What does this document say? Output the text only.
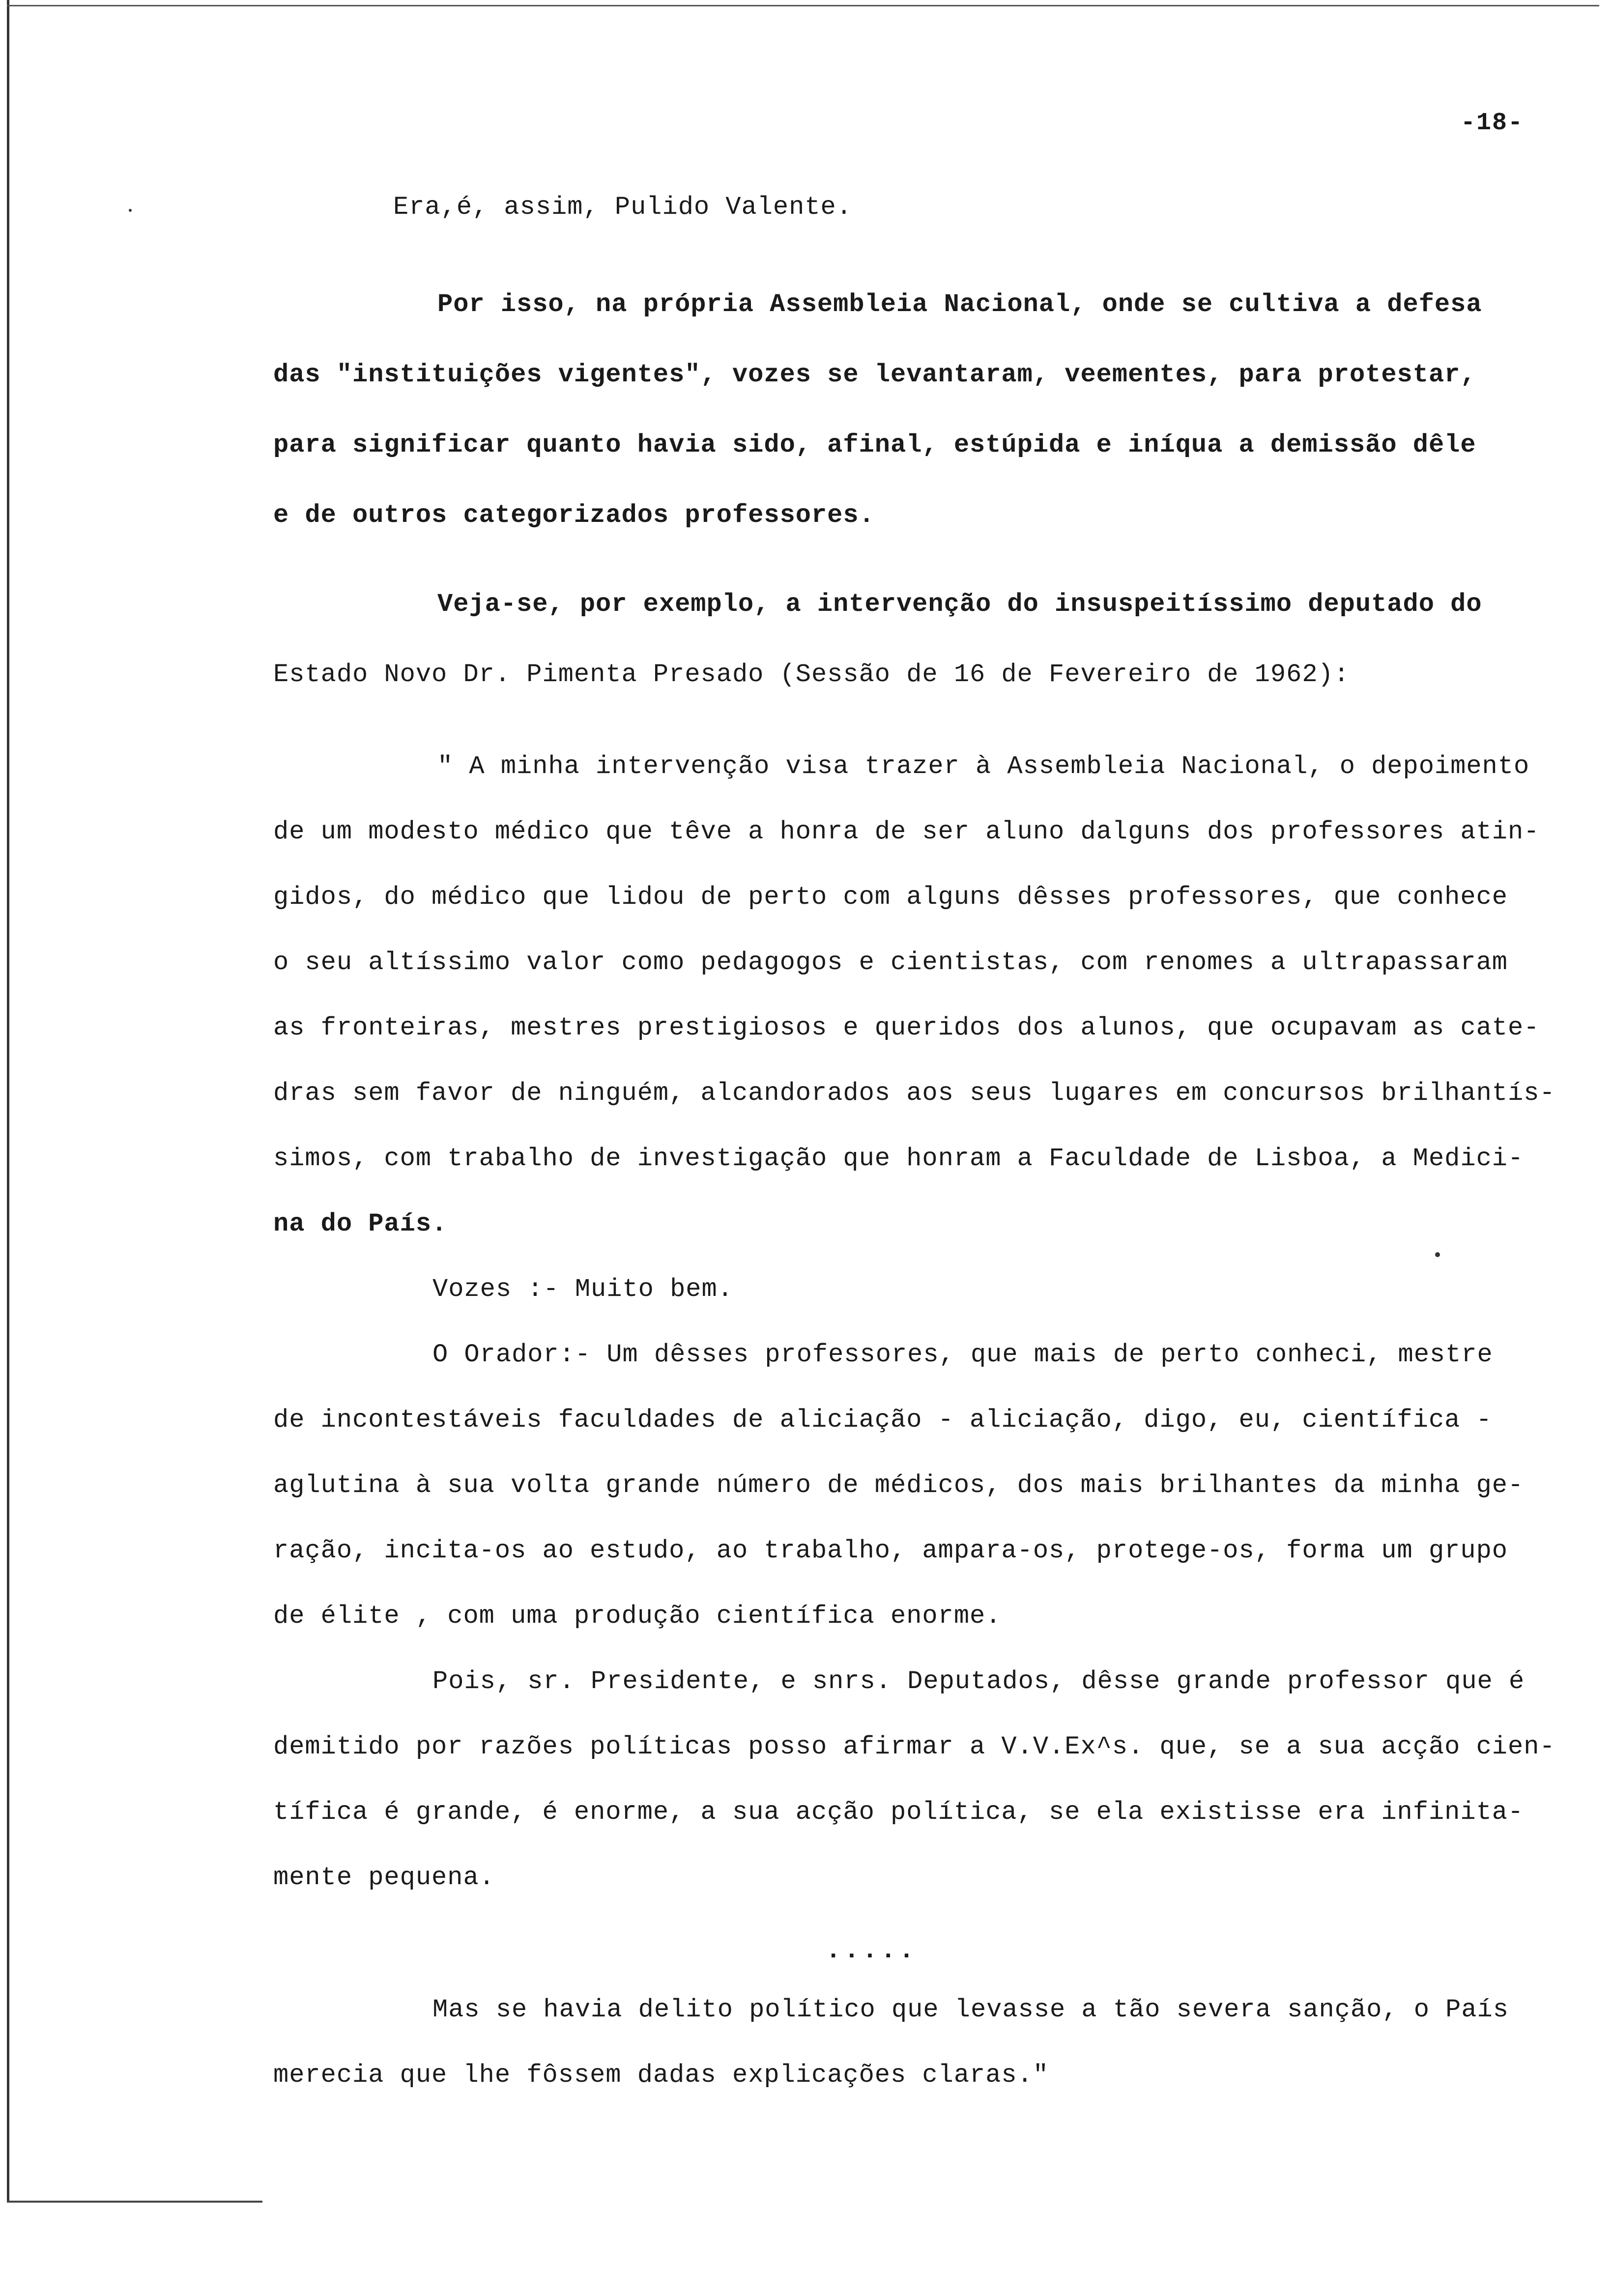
-18-
Era,é, assim, Pulido Valente.
Por isso, na própria Assembleia Nacional, onde se cultiva a defesa
das "instituições vigentes", vozes se levantaram, veementes, para protestar,
para significar quanto havia sido, afinal, estúpida e iníqua a demissão dêle
e de outros categorizados professores.
Veja-se, por exemplo, a intervenção do insuspeitíssimo deputado do
Estado Novo Dr. Pimenta Presado (Sessão de 16 de Fevereiro de 1962):
" A minha intervenção visa trazer à Assembleia Nacional, o depoimento
de um modesto médico que têve a honra de ser aluno dalguns dos professores atin-
gidos, do médico que lidou de perto com alguns dêsses professores, que conhece
o seu altíssimo valor como pedagogos e cientistas, com renomes a ultrapassaram
as fronteiras, mestres prestigiosos e queridos dos alunos, que ocupavam as cate-
dras sem favor de ninguém, alcandorados aos seus lugares em concursos brilhantís-
simos, com trabalho de investigação que honram a Faculdade de Lisboa, a Medici-
na do País.
Vozes :- Muito bem.
O Orador:- Um dêsses professores, que mais de perto conheci, mestre
de incontestáveis faculdades de aliciação - aliciação, digo, eu, científica -
aglutina à sua volta grande número de médicos, dos mais brilhantes da minha ge-
ração, incita-os ao estudo, ao trabalho, ampara-os, protege-os, forma um grupo
de élite , com uma produção científica enorme.
Pois, sr. Presidente, e snrs. Deputados, dêsse grande professor que é
demitido por razões políticas posso afirmar a V.V.Ex^s. que, se a sua acção cien-
tífica é grande, é enorme, a sua acção política, se ela existisse era infinita-
mente pequena.
.....
Mas se havia delito político que levasse a tão severa sanção, o País
merecia que lhe fôssem dadas explicações claras."
